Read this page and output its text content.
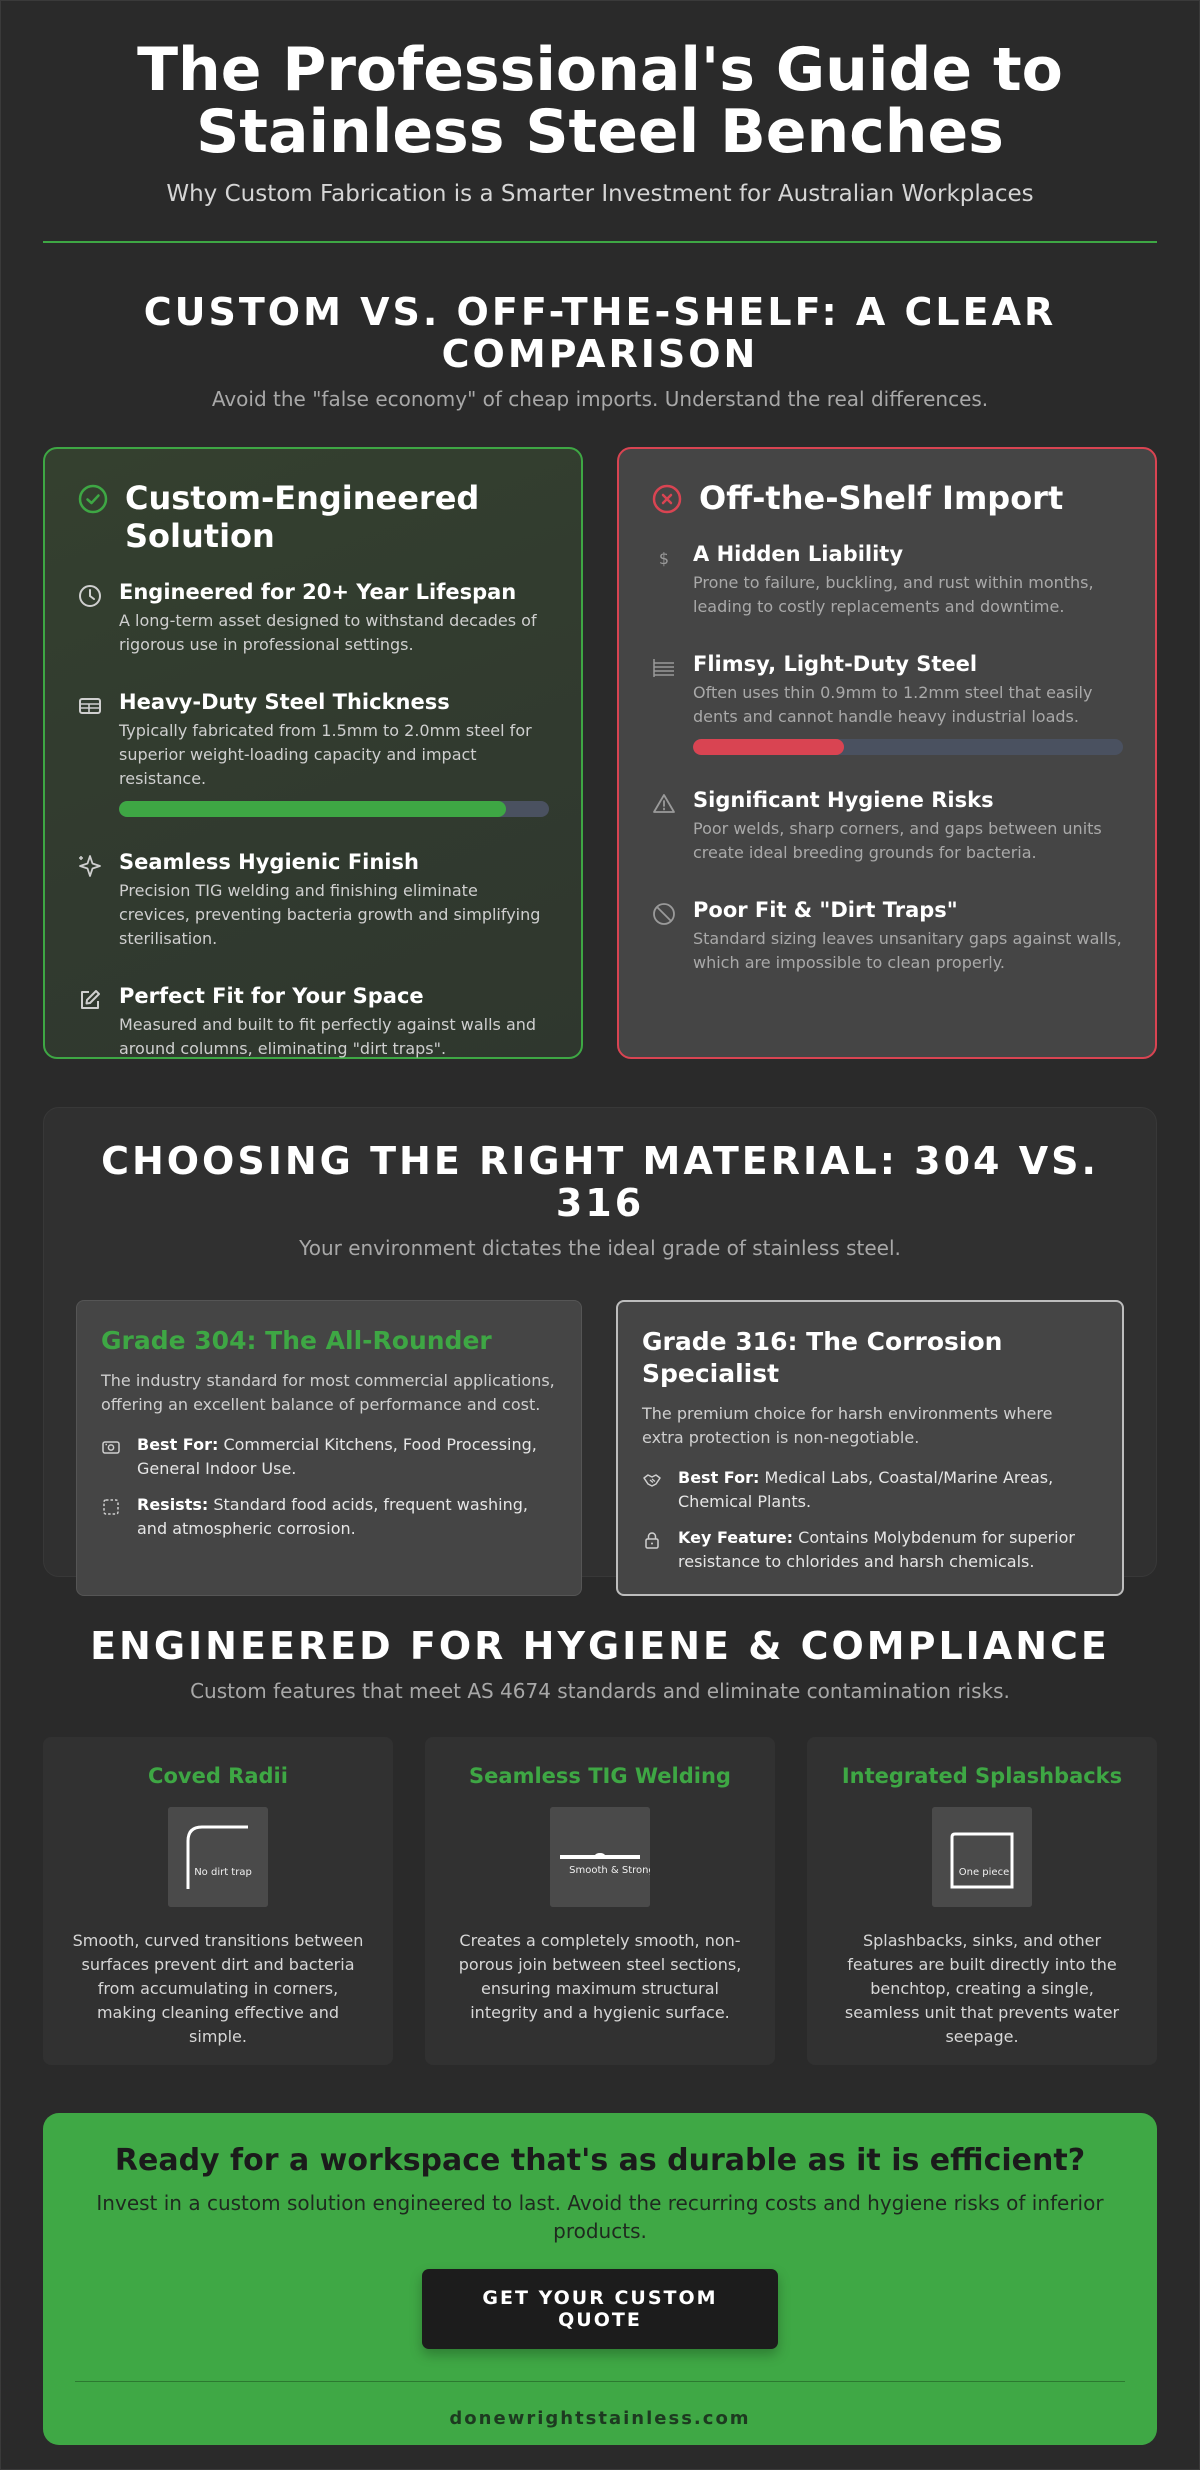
The Professional's Guide to
Stainless Steel Benches
Why Custom Fabrication is a Smarter Investment for Australian Workplaces
CUSTOM VS. OFF-THE-SHELF: A CLEAR COMPARISON
Avoid the "false economy" of cheap imports. Understand the real differences.
Custom-Engineered Solution
Engineered for 20+ Year Lifespan
A long-term asset designed to withstand decades of rigorous use in professional settings.
Heavy-Duty Steel Thickness
Typically fabricated from 1.5mm to 2.0mm steel for superior weight-loading capacity and impact resistance.
Seamless Hygienic Finish
Precision TIG welding and finishing eliminate crevices, preventing bacteria growth and simplifying sterilisation.
Perfect Fit for Your Space
Measured and built to fit perfectly against walls and around columns, eliminating "dirt traps".
Off-the-Shelf Import
$ A Hidden Liability
Prone to failure, buckling, and rust within months, leading to costly replacements and downtime.
Flimsy, Light-Duty Steel
Often uses thin 0.9mm to 1.2mm steel that easily dents and cannot handle heavy industrial loads.
Significant Hygiene Risks
Poor welds, sharp corners, and gaps between units create ideal breeding grounds for bacteria.
Poor Fit & "Dirt Traps"
Standard sizing leaves unsanitary gaps against walls, which are impossible to clean properly.
CHOOSING THE RIGHT MATERIAL: 304 VS. 316
Your environment dictates the ideal grade of stainless steel.
Grade 304: The All-Rounder
The industry standard for most commercial applications, offering an excellent balance of performance and cost.
Best For: Commercial Kitchens, Food Processing, General Indoor Use.
Resists: Standard food acids, frequent washing, and atmospheric corrosion.
Grade 316: The Corrosion Specialist
The premium choice for harsh environments where extra protection is non-negotiable.
Best For: Medical Labs, Coastal/Marine Areas, Chemical Plants.
Key Feature: Contains Molybdenum for superior resistance to chlorides and harsh chemicals.
ENGINEERED FOR HYGIENE & COMPLIANCE
Custom features that meet AS 4674 standards and eliminate contamination risks.
Coved Radii
No dirt trap

Smooth, curved transitions between surfaces prevent dirt and bacteria from accumulating in corners, making cleaning effective and simple.

Seamless TIG Welding
Smooth & Strong

Creates a completely smooth, non-porous join between steel sections, ensuring maximum structural integrity and a hygienic surface.

Integrated Splashbacks
One piece

Splashbacks, sinks, and other features are built directly into the benchtop, creating a single, seamless unit that prevents water seepage.

Ready for a workspace that's as durable as it is efficient?
Invest in a custom solution engineered to last. Avoid the recurring costs and hygiene risks of inferior products.
GET YOUR CUSTOM QUOTE
donewrightstainless.com
